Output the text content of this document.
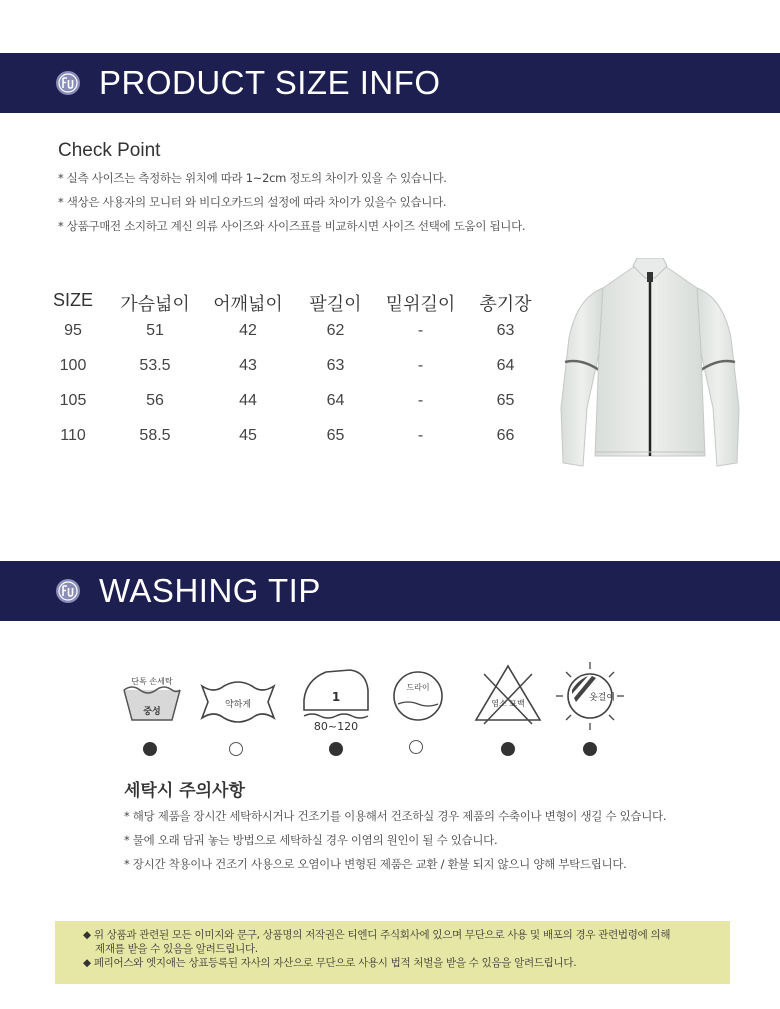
PRODUCT SIZE INFO
Check Point
* 실측 사이즈는 측정하는 위치에 따라 1~2cm 정도의 차이가 있을 수 있습니다.
* 색상은 사용자의 모니터 와 비디오카드의 설정에 따라 차이가 있을수 있습니다.
* 상품구매전 소지하고 계신 의류 사이즈와 사이즈표를 비교하시면 사이즈 선택에 도움이 됩니다.
SIZE	가슴넓이	어깨넓이	팔길이	밑위길이	총기장
95	51	42	62	-	63
100	53.5	43	63	-	64
105	56	44	64	-	65
110	58.5	45	65	-	66
WASHING TIP
단독 손세탁
중성
약하게
1
80~120
드라이
염소 표백
옷걸이
세탁시 주의사항
* 해당 제품을 장시간 세탁하시거나 건조기를 이용해서 건조하실 경우 제품의 수축이나 변형이 생길 수 있습니다.
* 물에 오래 담궈 놓는 방법으로 세탁하실 경우 이염의 원인이 될 수 있습니다.
* 장시간 착용이나 건조기 사용으로 오염이나 변형된 제품은 교환 / 환불 되지 않으니 양해 부탁드립니다.
◆ 위 상품과 관련된 모든 이미지와 문구, 상품명의 저작권은 티엔디 주식회사에 있으며 무단으로 사용 및 배포의 경우 관련법령에 의해
제재를 받을 수 있음을 알려드립니다.
◆ 페리어스와 엣지애는 상표등록된 자사의 자산으로 무단으로 사용시 법적 처벌을 받을 수 있음을 알려드립니다.
